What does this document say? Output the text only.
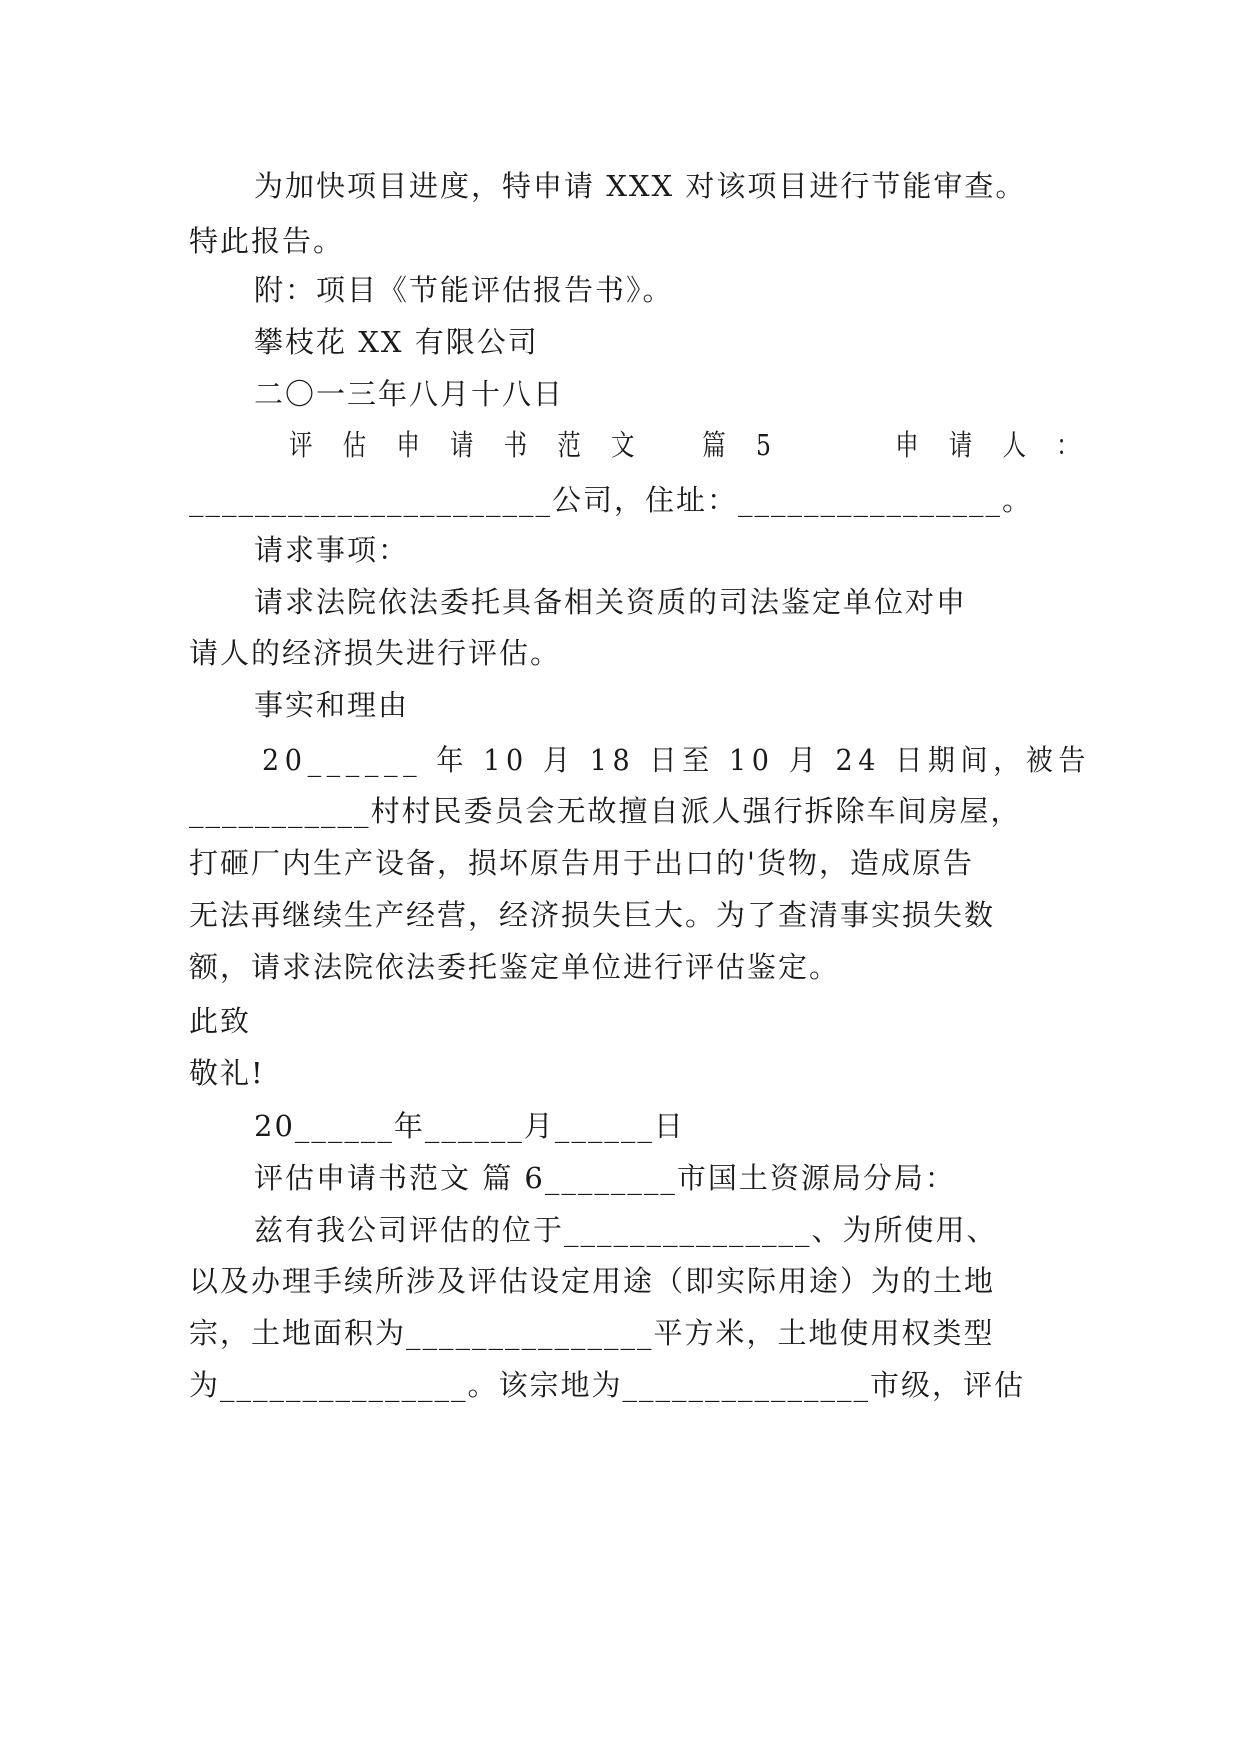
为加快项目进度，特申请 XXX 对该项目进行节能审查。
特此报告。
附：项目《节能评估报告书》。
攀枝花 XX 有限公司
二〇一三年八月十八日
评 估 申 请 书 范 文   篇 5      申 请 人 ：
______________________公司，住址：________________。
请求事项：
请求法院依法委托具备相关资质的司法鉴定单位对申
请人的经济损失进行评估。
事实和理由
20______ 年 10 月 18 日至 10 月 24 日期间，被告
___________村村民委员会无故擅自派人强行拆除车间房屋，
打砸厂内生产设备，损坏原告用于出口的'货物，造成原告
无法再继续生产经营，经济损失巨大。为了查清事实损失数
额，请求法院依法委托鉴定单位进行评估鉴定。
此致
敬礼!
20______年______月______日
评估申请书范文 篇 6________市国土资源局分局：
兹有我公司评估的位于_______________、为所使用、
以及办理手续所涉及评估设定用途（即实际用途）为的土地
宗，土地面积为_______________平方米，土地使用权类型
为_______________。该宗地为_______________市级，评估
